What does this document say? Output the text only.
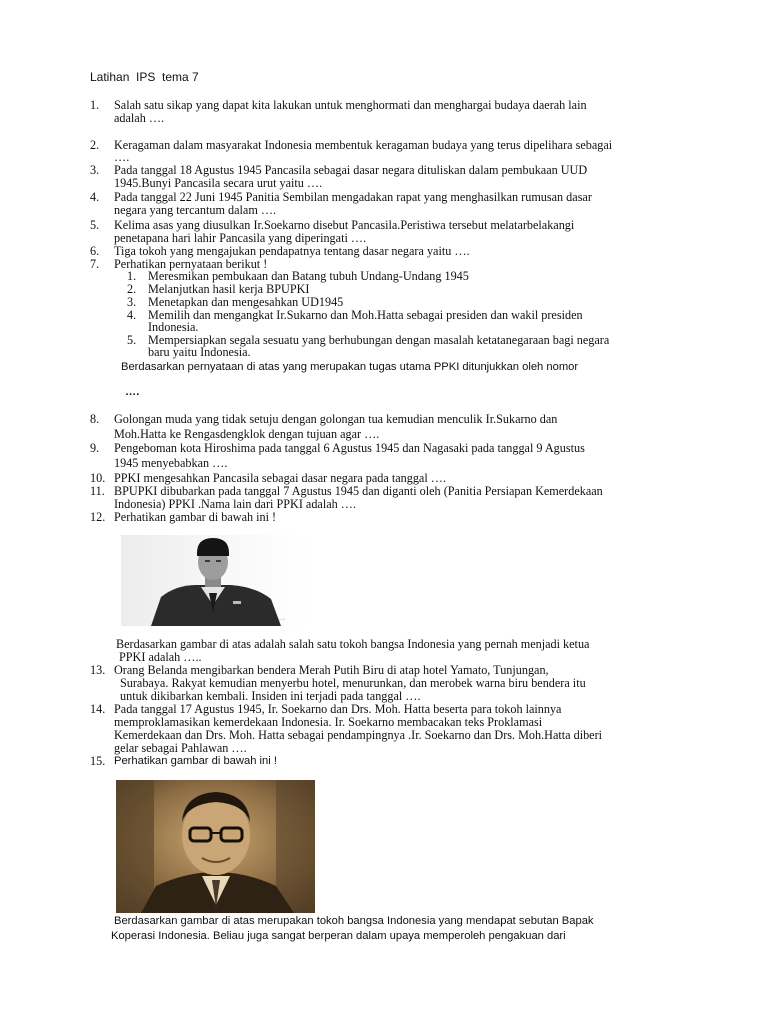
Latihan  IPS  tema 7
1. Salah satu sikap yang dapat kita lakukan untuk menghormati dan menghargai budaya daerah lain
adalah ….
2. Keragaman dalam masyarakat Indonesia membentuk keragaman budaya yang terus dipelihara sebagai
….
3. Pada tanggal 18 Agustus 1945 Pancasila sebagai dasar negara dituliskan dalam pembukaan UUD
1945.Bunyi Pancasila secara urut yaitu ….
4. Pada tanggal 22 Juni 1945 Panitia Sembilan mengadakan rapat yang menghasilkan rumusan dasar
negara yang tercantum dalam ….
5. Kelima asas yang diusulkan Ir.Soekarno disebut Pancasila.Peristiwa tersebut melatarbelakangi
penetapana hari lahir Pancasila yang diperingati ….
6. Tiga tokoh yang mengajukan pendapatnya tentang dasar negara yaitu ….
7. Perhatikan pernyataan berikut !
1. Meresmikan pembukaan dan Batang tubuh Undang-Undang 1945
2. Melanjutkan hasil kerja BPUPKI
3. Menetapkan dan mengesahkan UD1945
4. Memilih dan mengangkat Ir.Sukarno dan Moh.Hatta sebagai presiden dan wakil presiden
Indonesia.
5. Mempersiapkan segala sesuatu yang berhubungan dengan masalah ketatanegaraan bagi negara
baru yaitu Indonesia.
Berdasarkan pernyataan di atas yang merupakan tugas utama PPKI ditunjukkan oleh nomor
….
8. Golongan muda yang tidak setuju dengan golongan tua kemudian menculik Ir.Sukarno dan
Moh.Hatta ke Rengasdengklok dengan tujuan agar ….
9. Pengeboman kota Hiroshima pada tanggal 6 Agustus 1945 dan Nagasaki pada tanggal 9 Agustus
1945 menyebabkan ….
10. PPKI mengesahkan Pancasila sebagai dasar negara pada tanggal ….
11. BPUPKI dibubarkan pada tanggal 7 Agustus 1945 dan diganti oleh (Panitia Persiapan Kemerdekaan
Indonesia) PPKI .Nama lain dari PPKI adalah ….
12. Perhatikan gambar di bawah ini !
·····
Berdasarkan gambar di atas adalah salah satu tokoh bangsa Indonesia yang pernah menjadi ketua
PPKI adalah …..
13. Orang Belanda mengibarkan bendera Merah Putih Biru di atap hotel Yamato, Tunjungan,
Surabaya. Rakyat kemudian menyerbu hotel, menurunkan, dan merobek warna biru bendera itu
untuk dikibarkan kembali. Insiden ini terjadi pada tanggal ….
14. Pada tanggal 17 Agustus 1945, Ir. Soekarno dan Drs. Moh. Hatta beserta para tokoh lainnya
memproklamasikan kemerdekaan Indonesia. Ir. Soekarno membacakan teks Proklamasi
Kemerdekaan dan Drs. Moh. Hatta sebagai pendampingnya .Ir. Soekarno dan Drs. Moh.Hatta diberi
gelar sebagai Pahlawan ….
15. Perhatikan gambar di bawah ini !
Berdasarkan gambar di atas merupakan tokoh bangsa Indonesia yang mendapat sebutan Bapak
Koperasi Indonesia. Beliau juga sangat berperan dalam upaya memperoleh pengakuan dari
